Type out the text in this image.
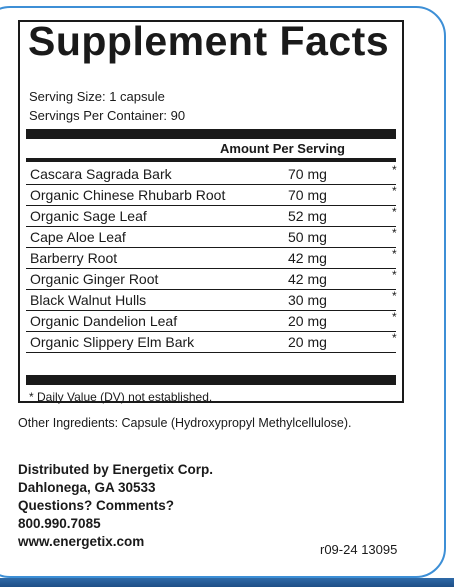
Supplement Facts
Serving Size: 1 capsule
Servings Per Container: 90
Amount Per Serving
Cascara Sagrada Bark	70 mg	*
Organic Chinese Rhubarb Root	70 mg	*
Organic Sage Leaf	52 mg	*
Cape Aloe Leaf	50 mg	*
Barberry Root	42 mg	*
Organic Ginger Root	42 mg	*
Black Walnut Hulls	30 mg	*
Organic Dandelion Leaf	20 mg	*
Organic Slippery Elm Bark	20 mg	*
* Daily Value (DV) not established.
Other Ingredients: Capsule (Hydroxypropyl Methylcellulose).
Distributed by Energetix Corp.
Dahlonega, GA 30533
Questions? Comments?
800.990.7085
www.energetix.com
r09-24 13095
